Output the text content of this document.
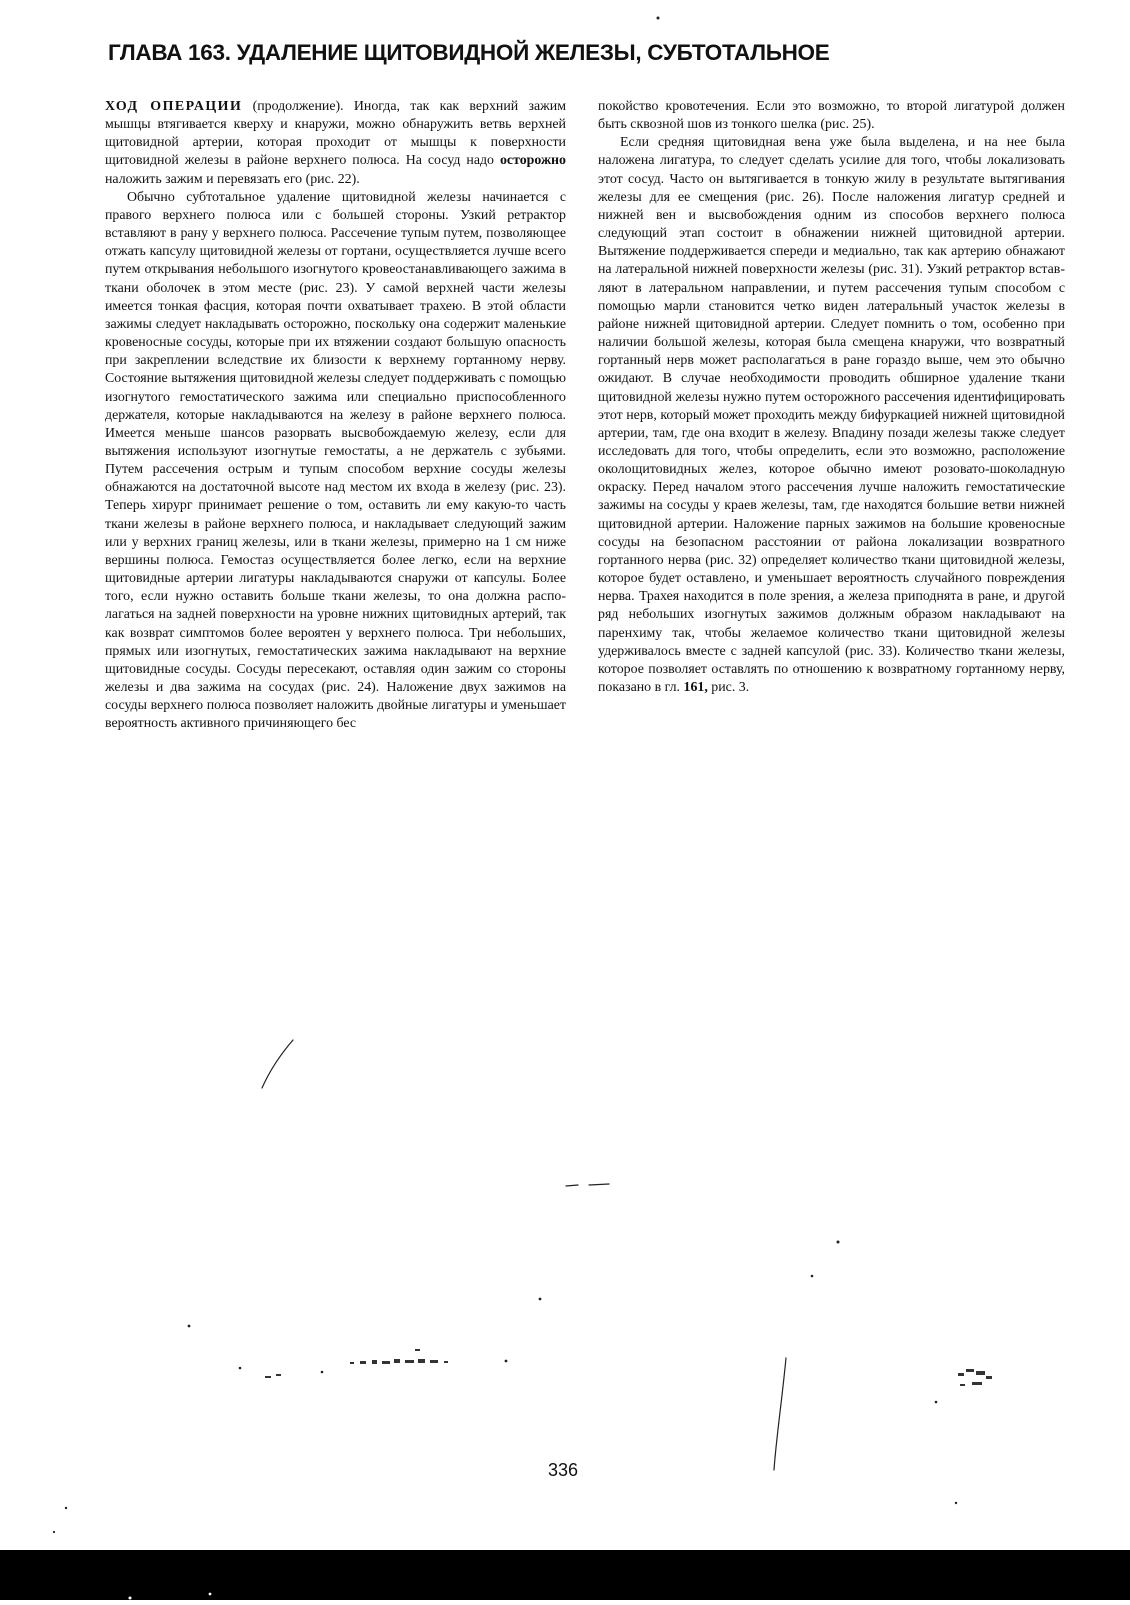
ГЛАВА 163. УДАЛЕНИЕ ЩИТОВИДНОЙ ЖЕЛЕЗЫ, СУБТОТАЛЬНОЕ

ХОД ОПЕРАЦИИ (продолжение). Иногда, так как верхний зажим мышцы втягивается кверху и кнаружи, можно обнаружить ветвь верхней щитовидной артерии, которая проходит от мышцы к поверхности щитовидной железы в районе верхнего полюса. На сосуд надо осторожно наложить зажим и перевязать его (рис. 22).

Обычно субтотальное удаление щитовидной железы начинается с правого верхнего полюса или с большей стороны. Узкий ретрактор вставляют в рану у верхнего полюса. Рассечение тупым путем, позволяющее отжать капсулу щитовидной железы от гортани, осуществляется лучше всего путем открывания небольшого изогнутого кровеостанавливающего зажима в ткани оболочек в этом месте (рис. 23). У самой верхней части железы имеется тонкая фасция, которая почти охватывает трахею. В этой области зажимы следует накладывать осторожно, поскольку она содержит маленькие кровеносные сосуды, которые при их втяжении создают большую опасность при закреплении вследствие их близости к верхнему гортанному нерву. Состояние вытяжения щитовидной железы следует поддерживать с помощью изогнутого гемостатического зажима или специально приспособленного держателя, которые накладываются на железу в районе верхнего полюса. Имеется меньше шансов разорвать высвобождаемую железу, если для вытяжения используют изогнутые гемостаты, а не держатель с зубьями. Путем рассечения острым и тупым способом верхние сосуды железы обнажаются на достаточной высоте над местом их входа в железу (рис. 23). Теперь хирург принимает решение о том, оставить ли ему какую-то часть ткани железы в районе верхнего полюса, и накладывает следующий зажим или у верхних границ железы, или в ткани железы, примерно на 1 см ниже вершины полюса. Гемостаз осуществляется более легко, если на верхние щитовидные артерии лигатуры накладываются снаружи от капсулы. Более того, если нужно оставить больше ткани железы, то она должна располагаться на задней поверхности на уровне нижних щитовидных артерий, так как возврат симптомов более вероятен у верхнего полюса. Три небольших, прямых или изогнутых, гемостатических зажима накладывают на верхние щитовидные сосуды. Сосуды пересекают, оставляя один зажим со стороны железы и два зажима на сосудах (рис. 24). Наложение двух зажимов на сосуды верхнего полюса позволяет наложить двойные лигатуры и уменьшает вероятность активного причиняющего бес

покойство кровотечения. Если это возможно, то второй лигатурой должен быть сквозной шов из тонкого шелка (рис. 25).

Если средняя щитовидная вена уже была выделена, и на нее была наложена лигатура, то следует сделать усилие для того, чтобы локализовать этот сосуд. Часто он вытягивается в тонкую жилу в результате вытягивания железы для ее смещения (рис. 26). После наложения лигатур средней и нижней вен и высвобождения одним из способов верхнего полюса следующий этап состоит в обнажении нижней щитовидной артерии. Вытяжение поддерживается спереди и медиально, так как артерию обнажают на латеральной нижней поверхности железы (рис. 31). Узкий ретрактор вставляют в латеральном направлении, и путем рассечения тупым способом с помощью марли становится четко виден латеральный участок железы в районе нижней щитовидной артерии. Следует помнить о том, особенно при наличии большой железы, которая была смещена кнаружи, что возвратный гортанный нерв может располагаться в ране гораздо выше, чем это обычно ожидают. В случае необходимости проводить обширное удаление ткани щитовидной железы нужно путем осторожного рассечения идентифицировать этот нерв, который может проходить между бифуркацией нижней щитовидной артерии, там, где она входит в железу. Впадину позади железы также следует исследовать для того, чтобы определить, если это возможно, расположение околощитовидных желез, которое обычно имеют розовато-шоколадную окраску. Перед началом этого рассечения лучше наложить гемостатические зажимы на сосуды у краев железы, там, где находятся большие ветви нижней щитовидной артерии. Наложение парных зажимов на большие кровеносные сосуды на безопасном расстоянии от района локализации возвратного гортанного нерва (рис. 32) определяет количество ткани щитовидной железы, которое будет оставлено, и уменьшает вероятность случайного повреждения нерва. Трахея находится в поле зрения, а железа приподнята в ране, и другой ряд небольших изогнутых зажимов должным образом накладывают на паренхиму так, чтобы желаемое количество ткани щитовидной железы удерживалось вместе с задней капсулой (рис. 33). Количество ткани железы, которое позволяет оставлять по отношению к возвратному гортанному нерву, показано в гл. 161, рис. 3.

336
